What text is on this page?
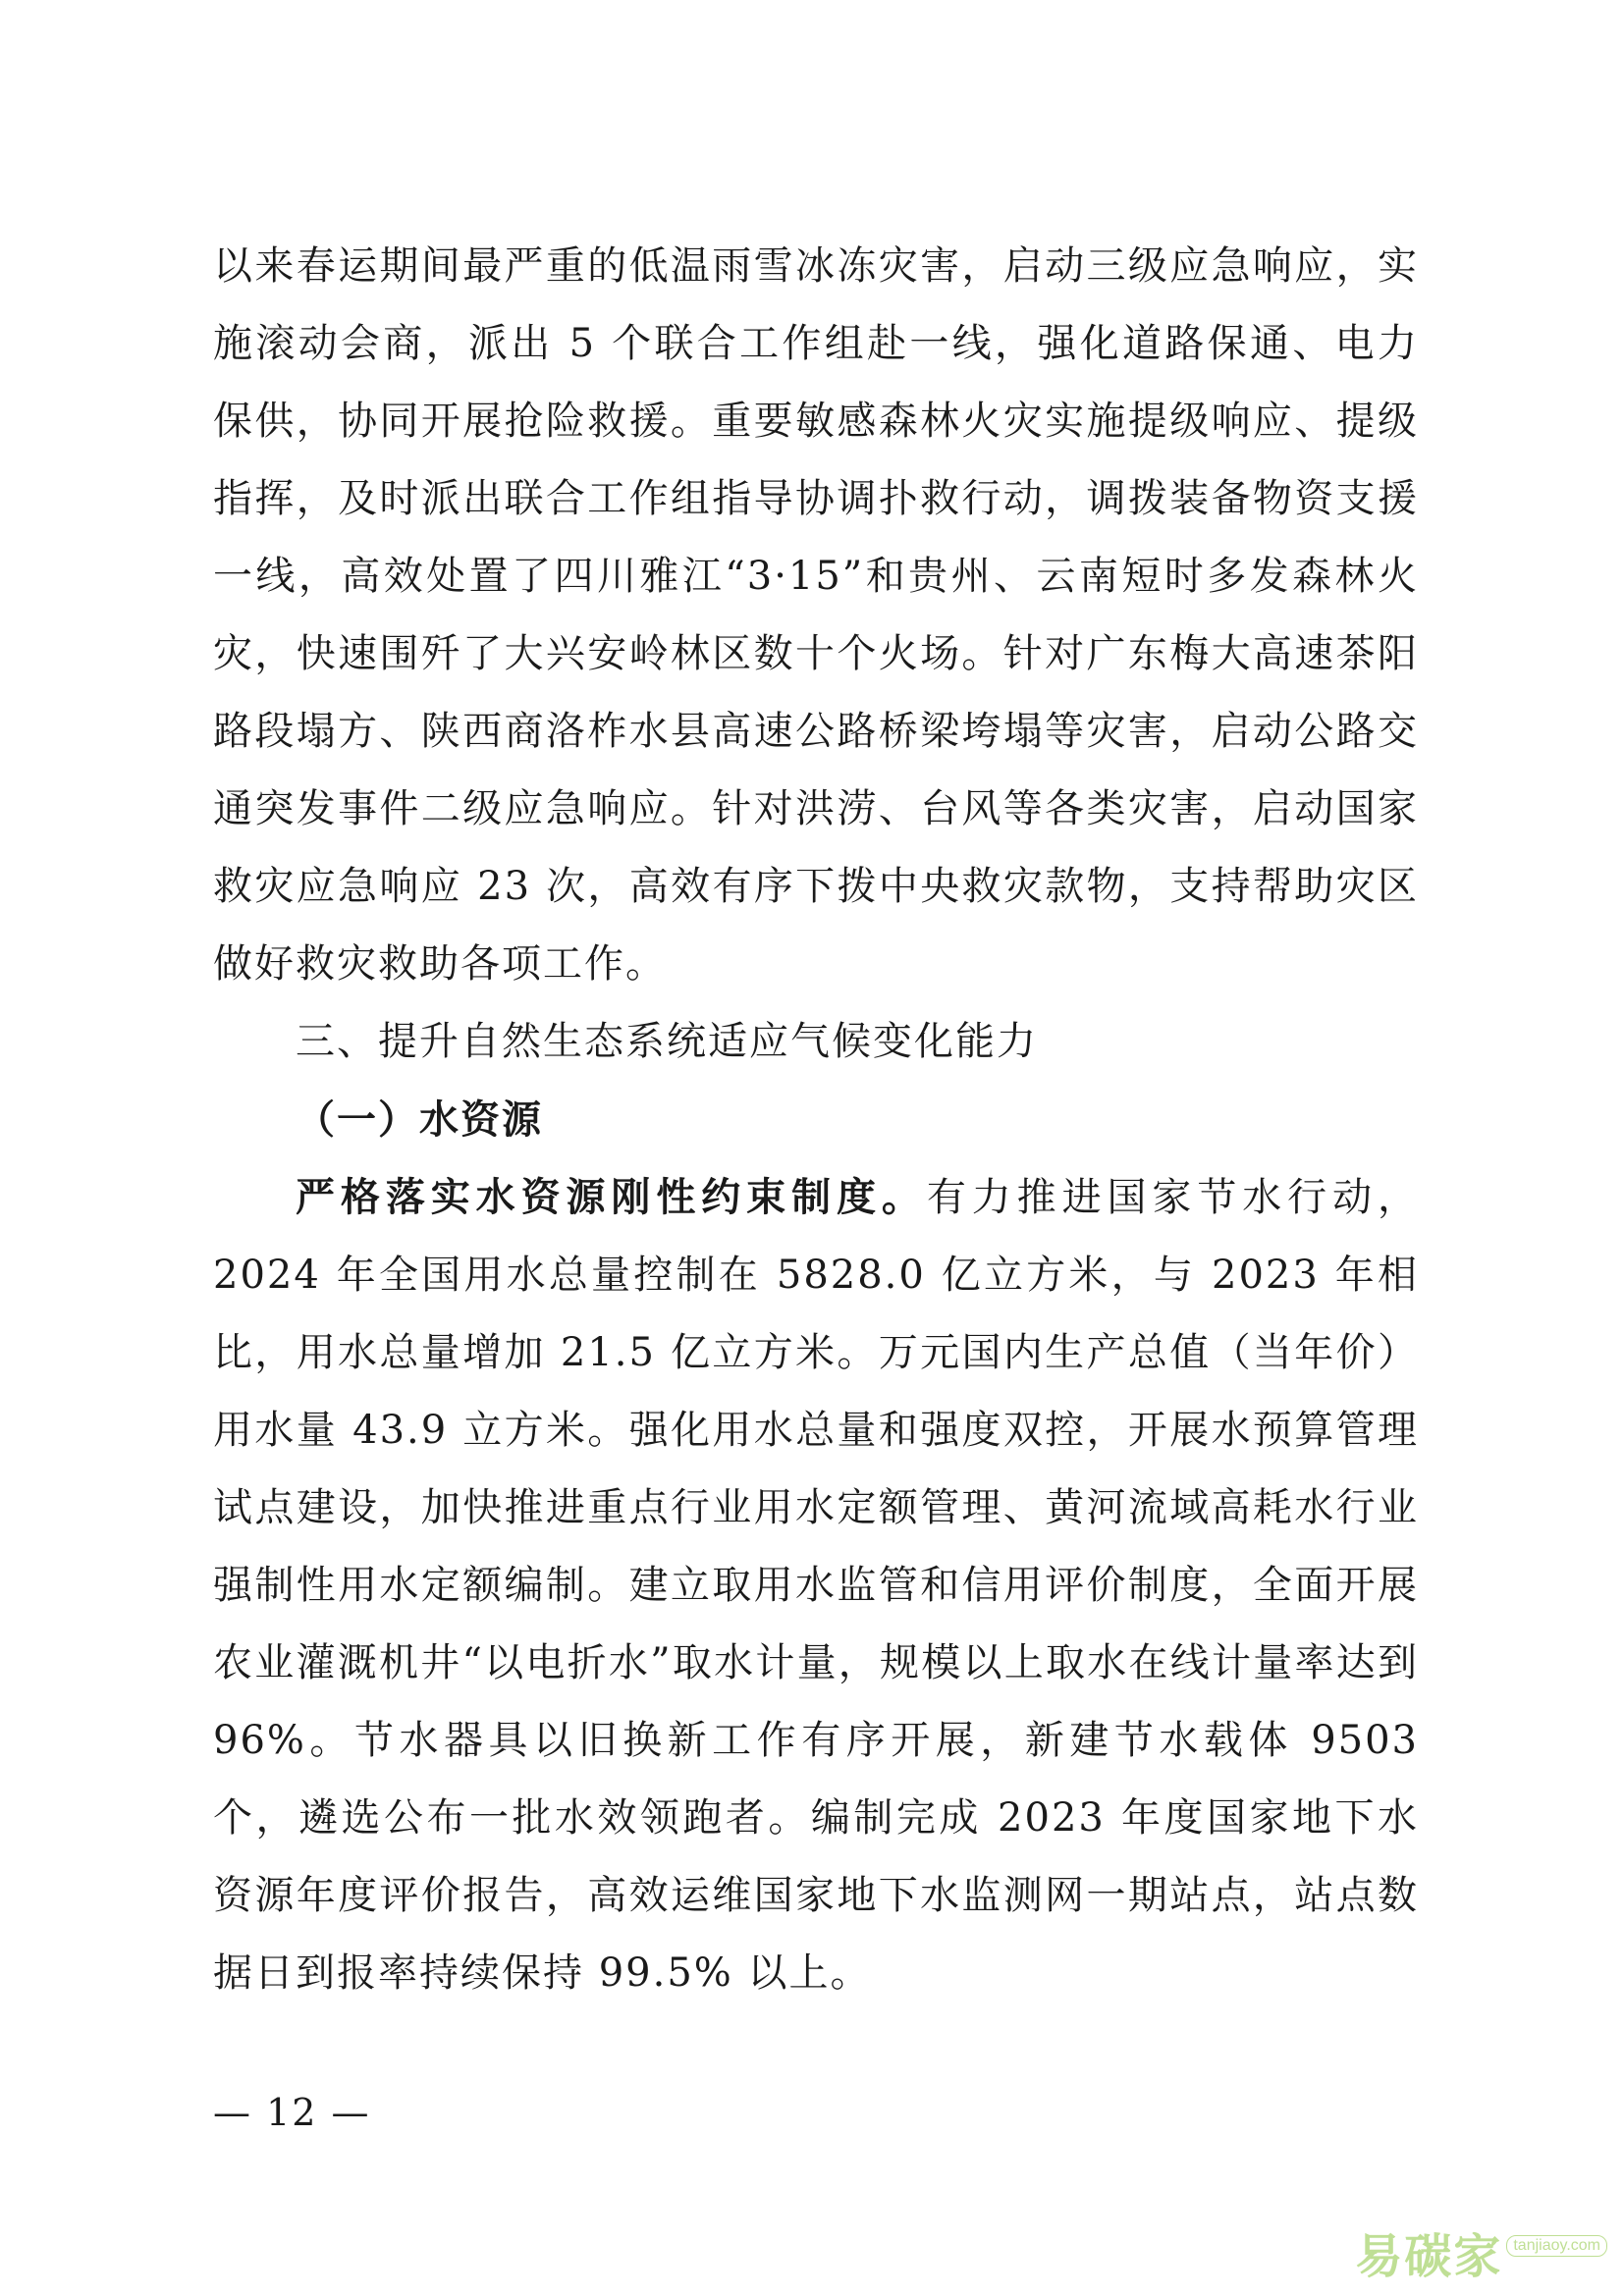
以来春运期间最严重的低温雨雪冰冻灾害，启动三级应急响应，实施滚动会商，派出 5 个联合工作组赴一线，强化道路保通、电力保供，协同开展抢险救援。重要敏感森林火灾实施提级响应、提级指挥，及时派出联合工作组指导协调扑救行动，调拨装备物资支援一线，高效处置了四川雅江“3·15”和贵州、云南短时多发森林火灾，快速围歼了大兴安岭林区数十个火场。针对广东梅大高速茶阳路段塌方、陕西商洛柞水县高速公路桥梁垮塌等灾害，启动公路交通突发事件二级应急响应。针对洪涝、台风等各类灾害，启动国家救灾应急响应 23 次，高效有序下拨中央救灾款物，支持帮助灾区做好救灾救助各项工作。

三、提升自然生态系统适应气候变化能力

（一）水资源

严格落实水资源刚性约束制度。有力推进国家节水行动，2024 年全国用水总量控制在 5828.0 亿立方米，与 2023 年相比，用水总量增加 21.5 亿立方米。万元国内生产总值（当年价）用水量 43.9 立方米。强化用水总量和强度双控，开展水预算管理试点建设，加快推进重点行业用水定额管理、黄河流域高耗水行业强制性用水定额编制。建立取用水监管和信用评价制度，全面开展农业灌溉机井“以电折水”取水计量，规模以上取水在线计量率达到 96%。节水器具以旧换新工作有序开展，新建节水载体 9503 个，遴选公布一批水效领跑者。编制完成 2023 年度国家地下水资源年度评价报告，高效运维国家地下水监测网一期站点，站点数据日到报率持续保持 99.5% 以上。

— 12 —
易碳家 tanjiaoy.com
